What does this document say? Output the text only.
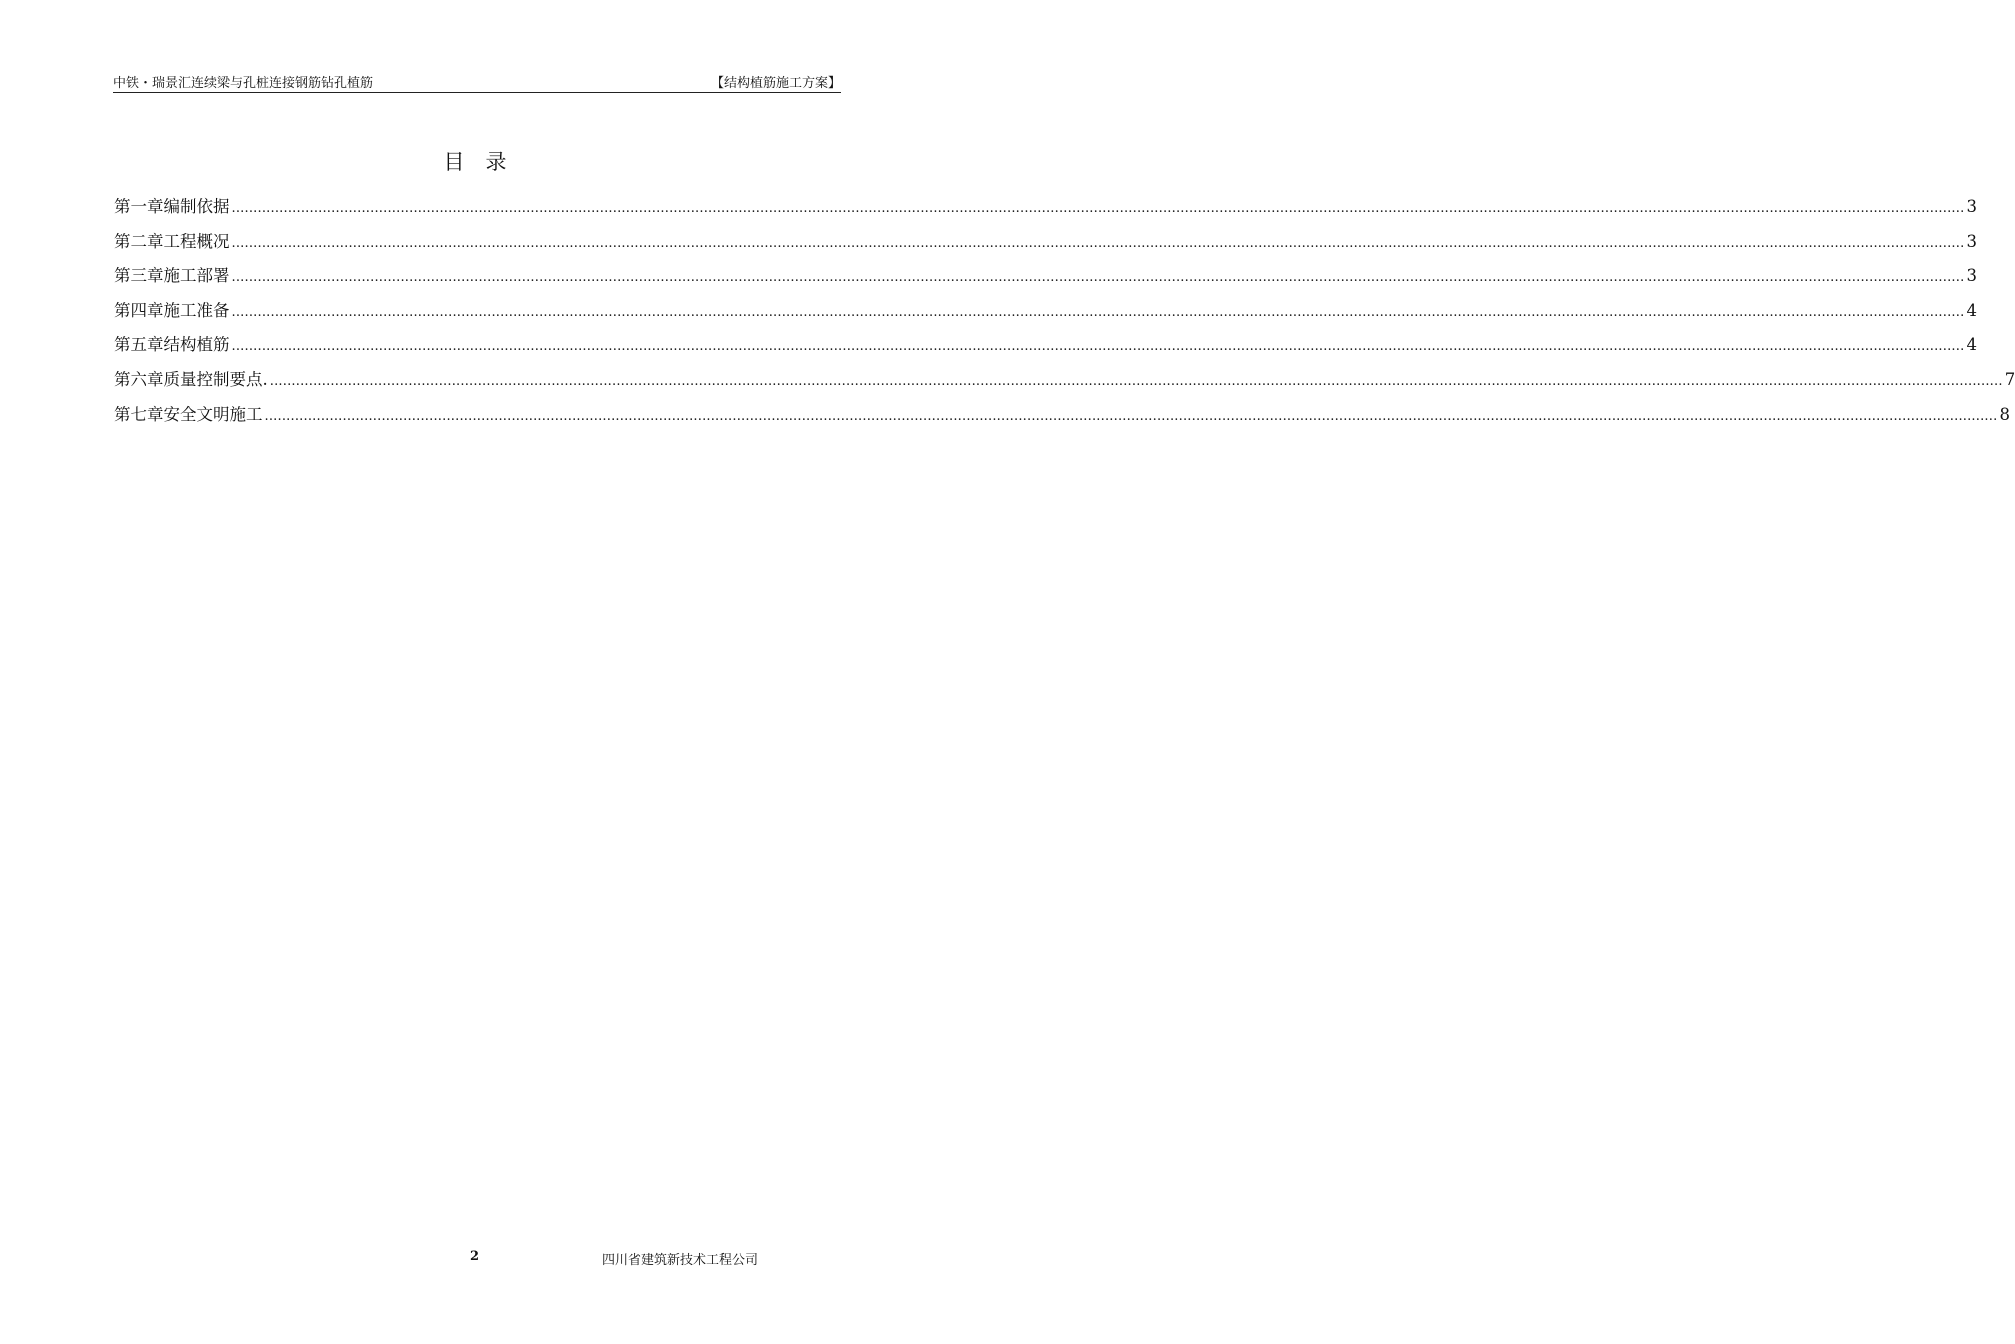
中铁・瑞景汇连续梁与孔桩连接钢筋钻孔植筋	【结构植筋施工方案】
目　录
第一章 编制依据 ................................................................................................................................................................................................................................................................................................................................................................................................................ 3
第二章 工程概况 ................................................................................................................................................................................................................................................................................................................................................................................................................ 3
第三章 施工部署 ................................................................................................................................................................................................................................................................................................................................................................................................................ 3
第四章 施工准备 ................................................................................................................................................................................................................................................................................................................................................................................................................ 4
第五章 结构植筋 ................................................................................................................................................................................................................................................................................................................................................................................................................ 4
第六章 质量控制要点. ................................................................................................................................................................................................................................................................................................................................................................................................................ 7
第七章 安全文明施工 ................................................................................................................................................................................................................................................................................................................................................................................................................ 8
2	四川省建筑新技术工程公司
